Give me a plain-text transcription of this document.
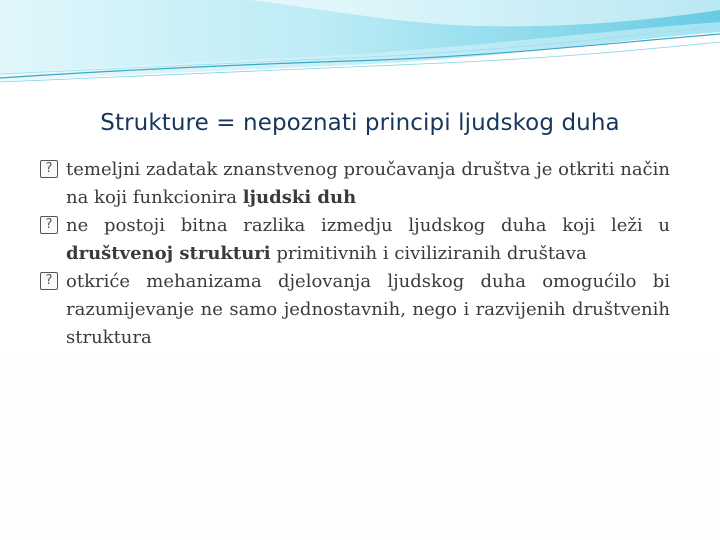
Strukture = nepoznati principi ljudskog duha

? temeljni zadatak znanstvenog proučavanja društva je otkriti način na koji funkcionira ljudski duh

? ne postoji bitna razlika izmedju ljudskog duha koji leži u društvenoj strukturi primitivnih i civiliziranih društava

? otkriće mehanizama djelovanja ljudskog duha omogućilo bi razumijevanje ne samo jednostavnih, nego i razvijenih društvenih struktura
